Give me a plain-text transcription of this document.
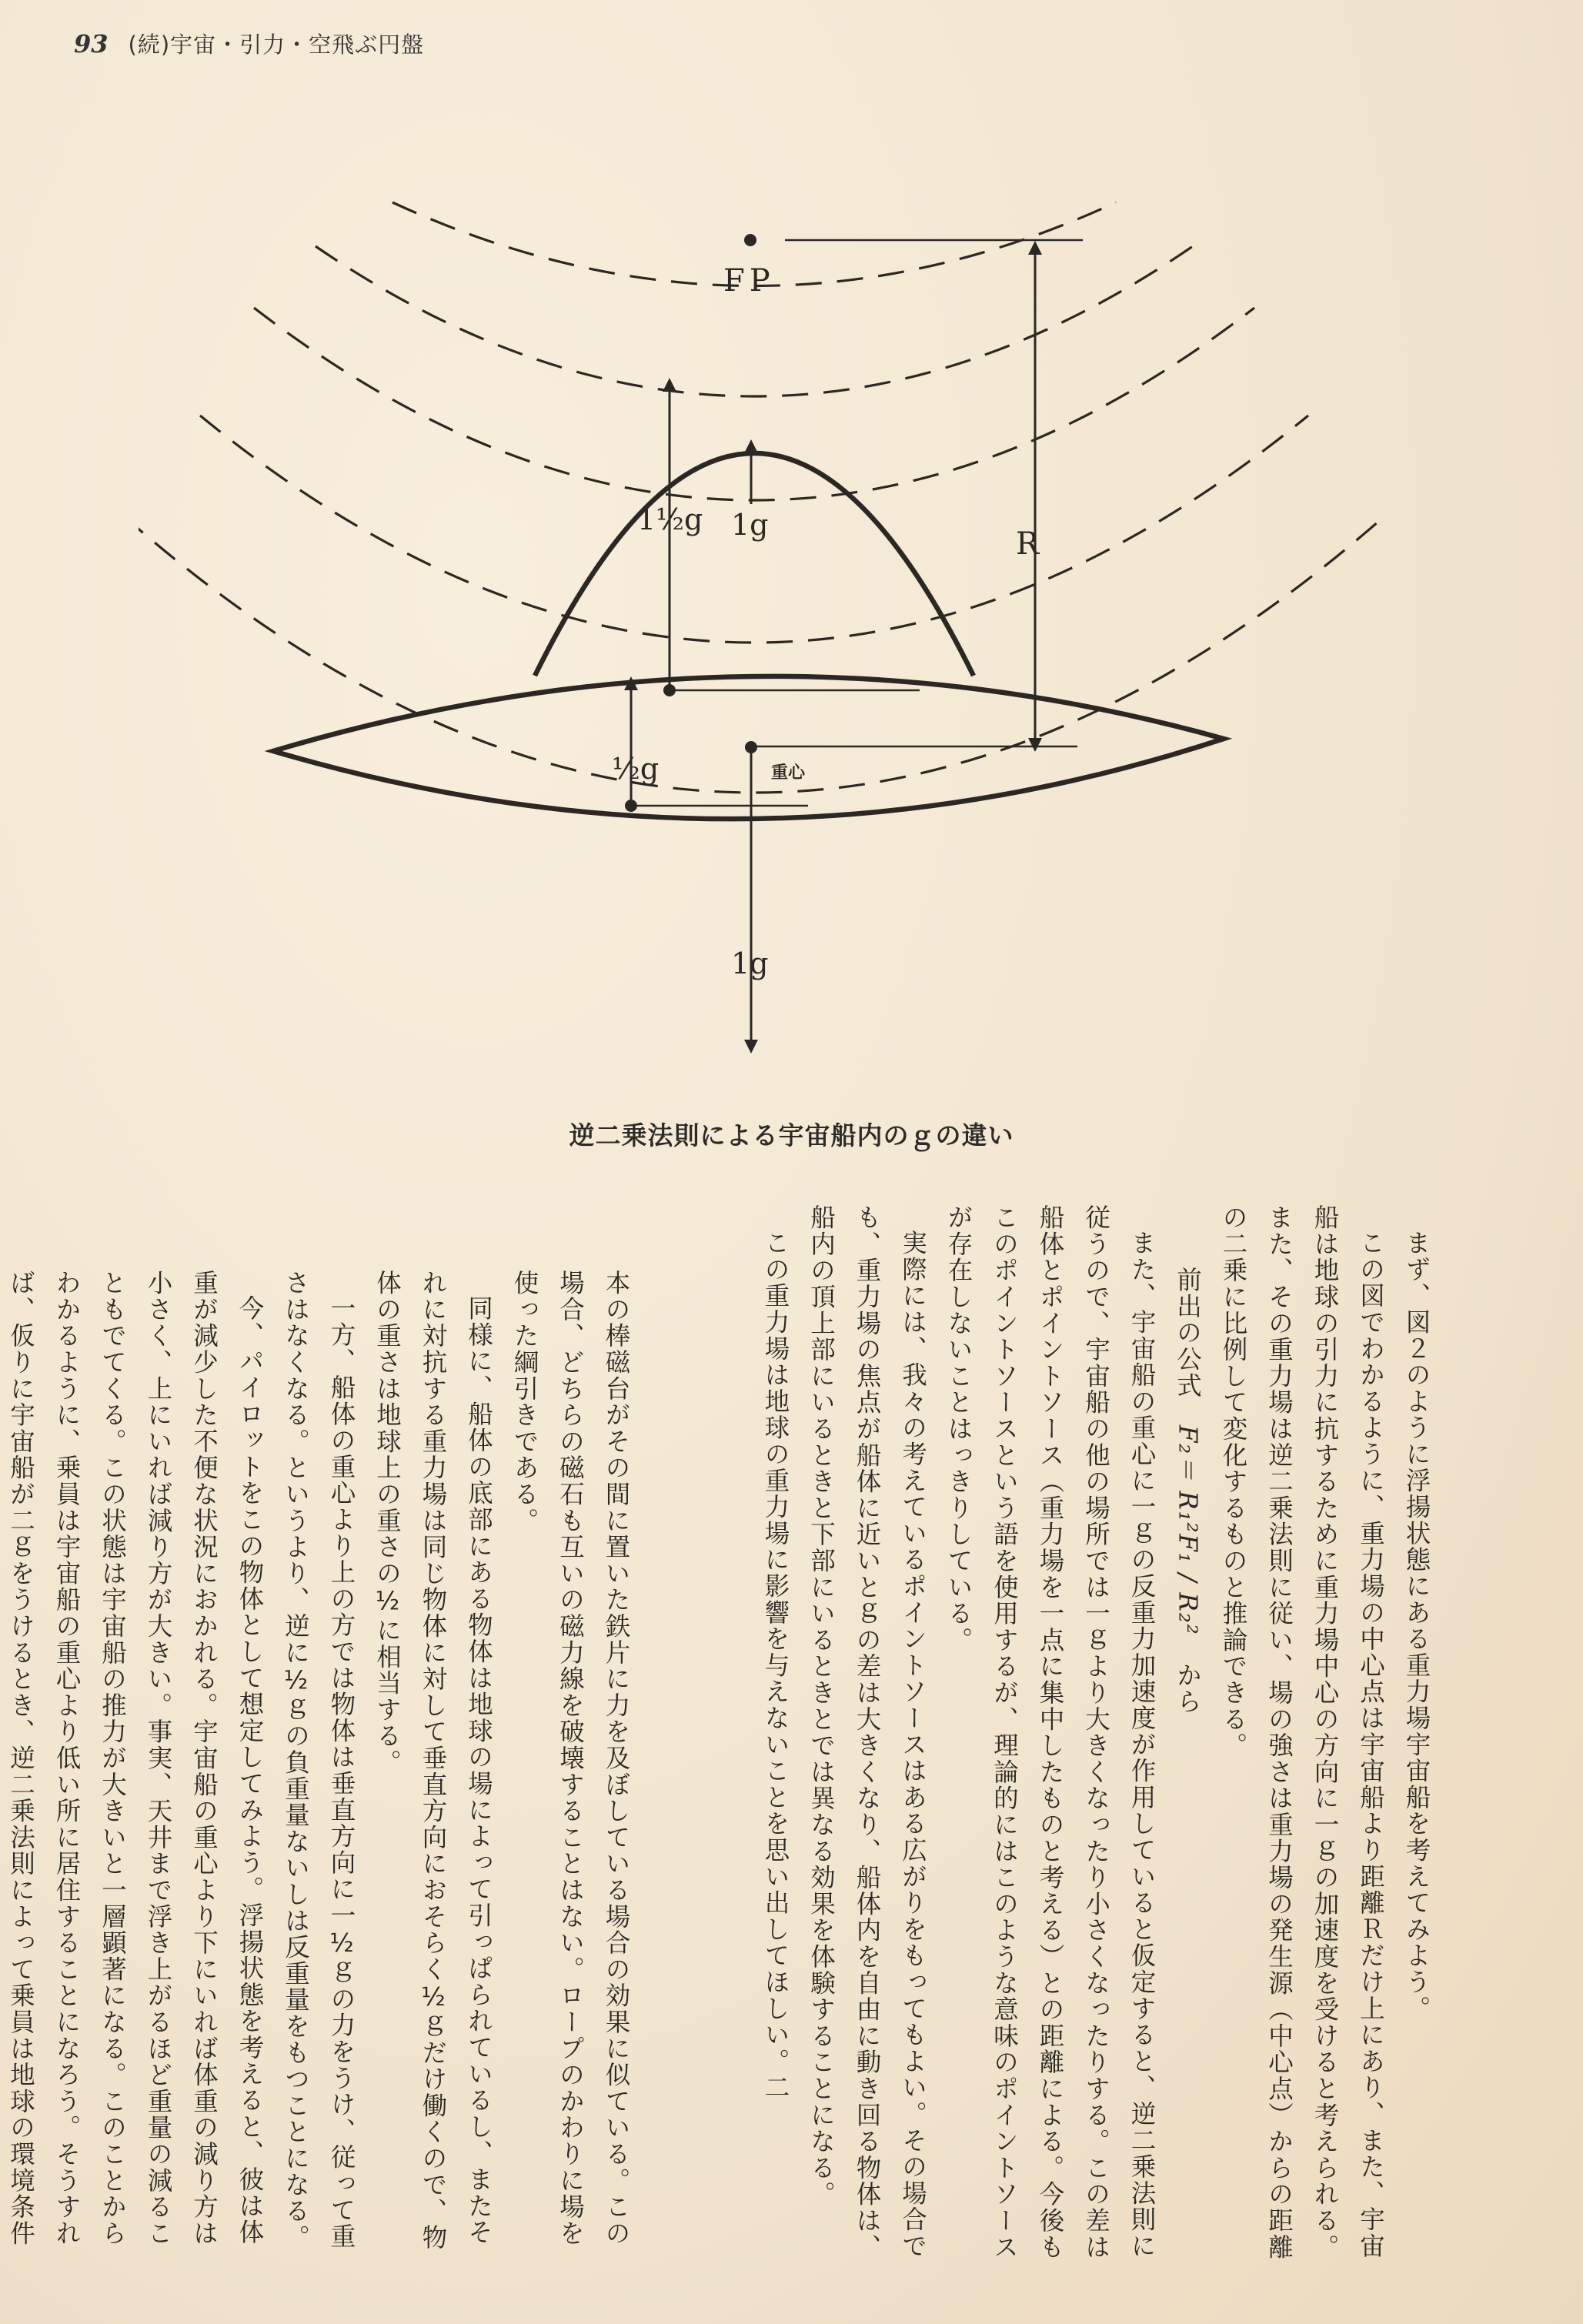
93 (続)宇宙・引力・空飛ぶ円盤
FP
R
1½g 1g
½g	重心
1g
逆二乗法則による宇宙船内のｇの違い

まず、図２のように浮揚状態にある重力場宇宙船を考えてみよう。

この図でわかるように、重力場の中心点は宇宙船より距離Ｒだけ上にあり、また、宇宙船は地球の引力に抗するために重力場中心の方向に一ｇの加速度を受けると考えられる。また、その重力場は逆二乗法則に従い、場の強さは重力場の発生源（中心点）からの距離の二乗に比例して変化するものと推論できる。

前出の公式　F₂＝ R₁²F₁ / R₂²　から

また、宇宙船の重心に一ｇの反重力加速度が作用していると仮定すると、逆二乗法則に従うので、宇宙船の他の場所では一ｇより大きくなったり小さくなったりする。この差は船体とポイントソース（重力場を一点に集中したものと考える）との距離による。今後もこのポイントソースという語を使用するが、理論的にはこのような意味のポイントソースが存在しないことはっきりしている。

実際には、我々の考えているポイントソースはある広がりをもってもよい。その場合でも、重力場の焦点が船体に近いとｇの差は大きくなり、船体内を自由に動き回る物体は、船内の頂上部にいるときと下部にいるときとでは異なる効果を体験することになる。

この重力場は地球の重力場に影響を与えないことを思い出してほしい。二

本の棒磁台がその間に置いた鉄片に力を及ぼしている場合の効果に似ている。この場合、どちらの磁石も互いの磁力線を破壊することはない。ロープのかわりに場を使った綱引きである。

同様に、船体の底部にある物体は地球の場によって引っぱられているし、またそれに対抗する重力場は同じ物体に対して垂直方向におそらく½ｇだけ働くので、物体の重さは地球上の重さの½に相当する。

一方、船体の重心より上の方では物体は垂直方向に一½ｇの力をうけ、従って重さはなくなる。というより、逆に½ｇの負重量ないしは反重量をもつことになる。

今、パイロットをこの物体として想定してみよう。浮揚状態を考えると、彼は体重が減少した不便な状況におかれる。宇宙船の重心より下にいれば体重の減り方は小さく、上にいれば減り方が大きい。事実、天井まで浮き上がるほど重量の減ることもでてくる。この状態は宇宙船の推力が大きいと一層顕著になる。このことからわかるように、乗員は宇宙船の重心より低い所に居住することになろう。そうすれば、仮りに宇宙船が二ｇをうけるとき、逆二乗法則によって乗員は地球の環境条件
